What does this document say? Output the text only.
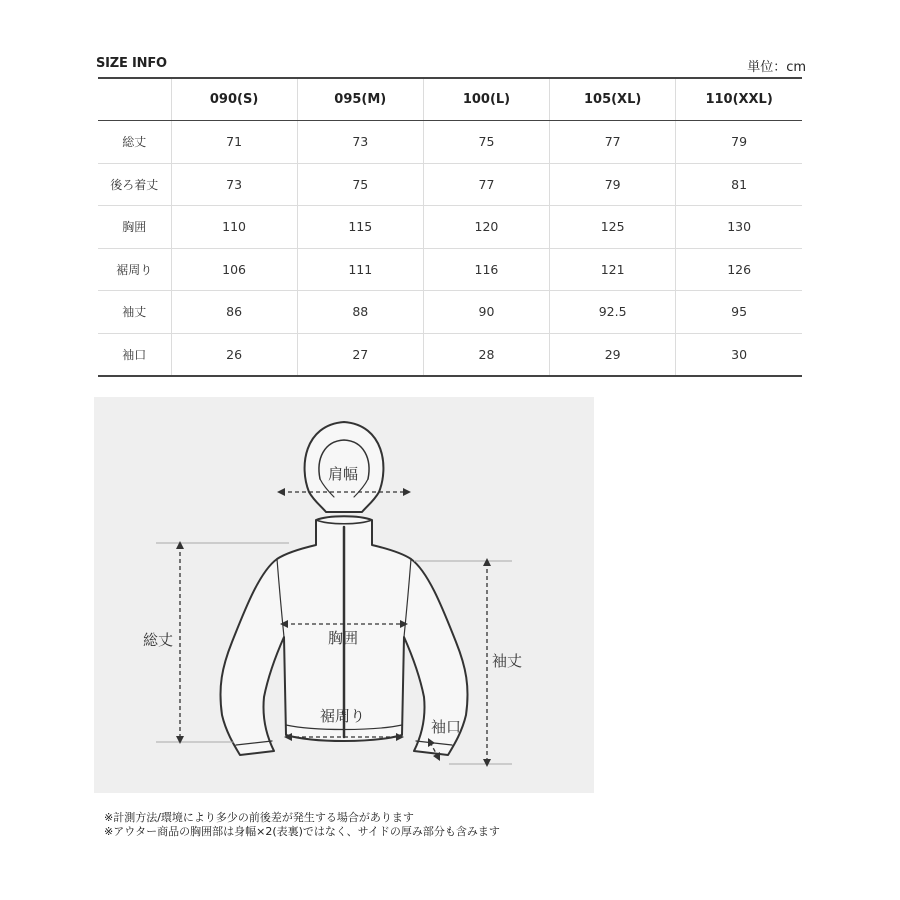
SIZE INFO	単位：cm
	090(S)	095(M)	100(L)	105(XL)	110(XXL)
総丈	71	73	75	77	79
後ろ着丈	73	75	77	79	81
胸囲	110	115	120	125	130
裾周り	106	111	116	121	126
袖丈	86	88	90	92.5	95
袖口	26	27	28	29	30
肩幅
総丈	胸囲
裾周り
袖丈
袖口
※計測方法/環境により多少の前後差が発生する場合があります
※アウター商品の胸囲部は身幅×2(表裏)ではなく、サイドの厚み部分も含みます
